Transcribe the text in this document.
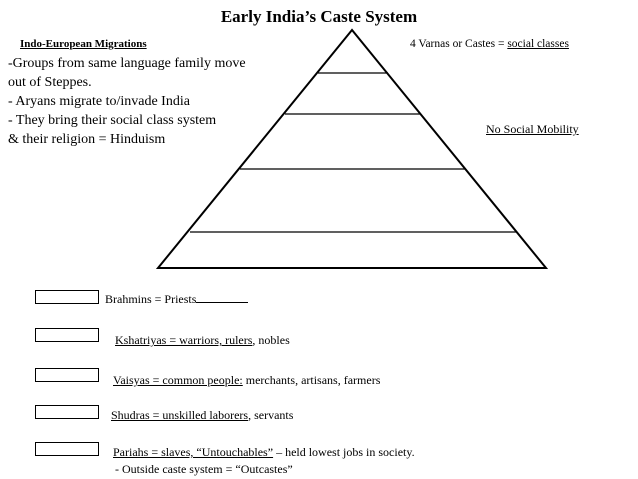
Early India’s Caste System
Indo-European Migrations
-Groups from same language family move
out of Steppes.
- Aryans migrate to/invade India
- They bring their social class system
& their religion = Hinduism
4 Varnas or Castes = social classes
No Social Mobility
Brahmins = Priests
Kshatriyas = warriors, rulers, nobles
Vaisyas = common people: merchants, artisans, farmers
Shudras = unskilled laborers, servants
Pariahs = slaves, “Untouchables” – held lowest jobs in society.
- Outside caste system = “Outcastes”
